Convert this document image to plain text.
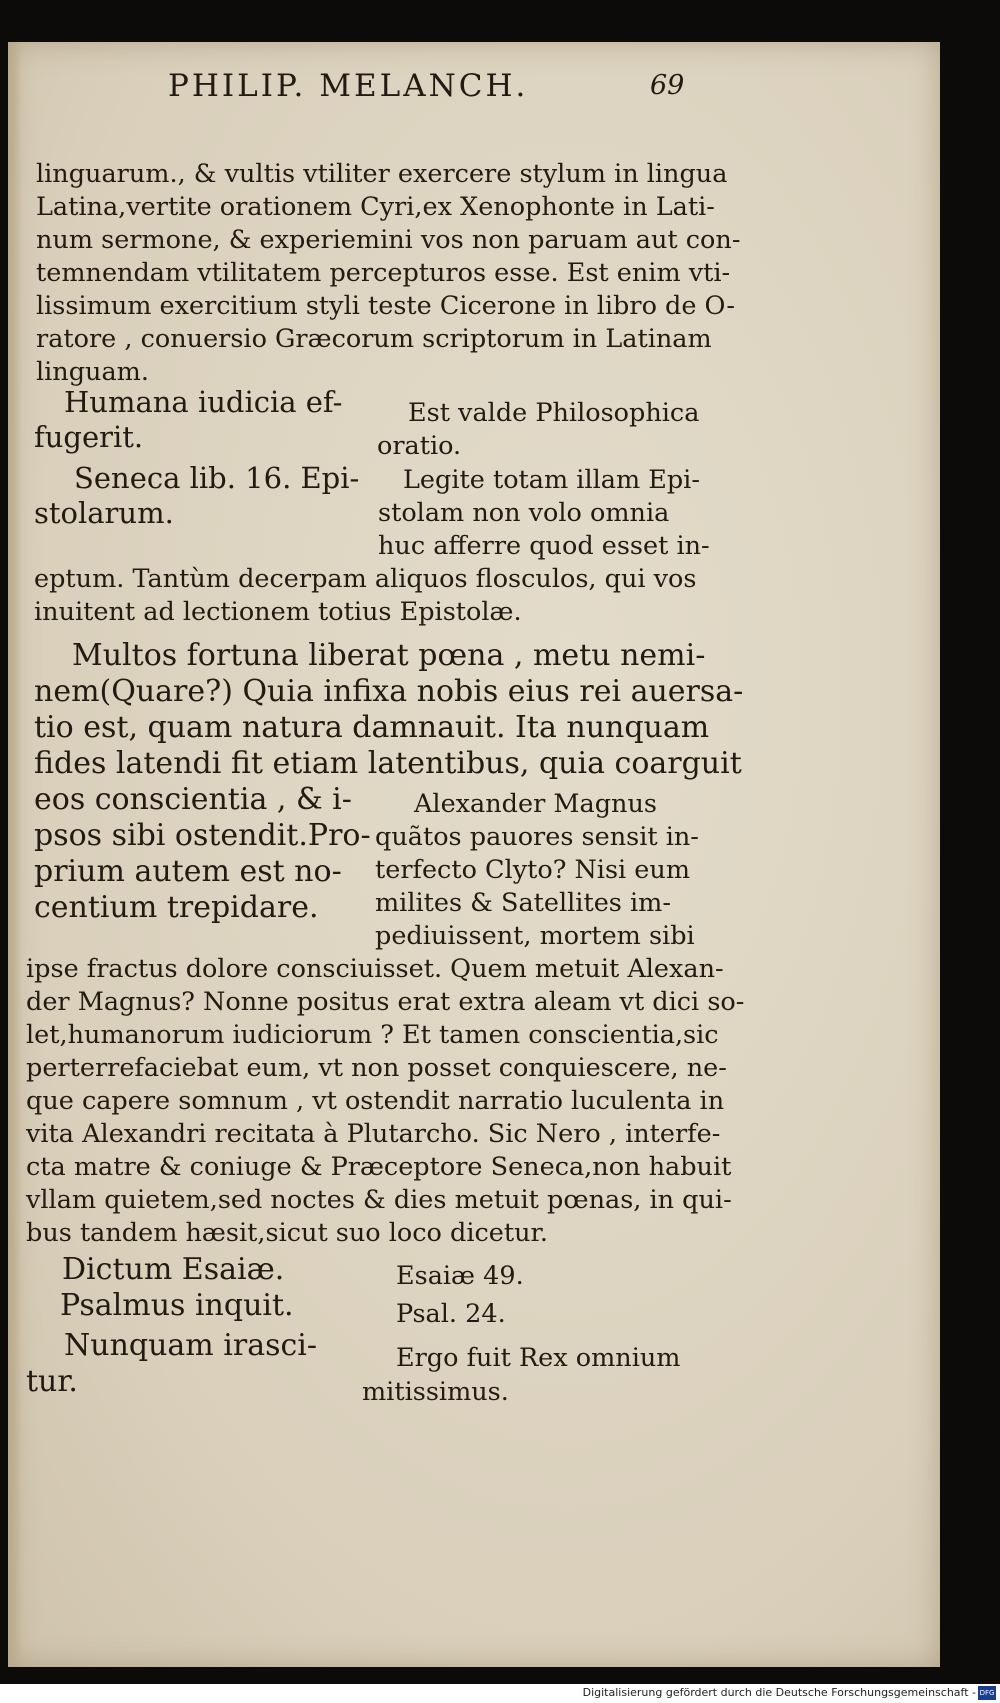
PHILIP. MELANCH.	69
linguarum., & vultis vtiliter exercere stylum in lingua
Latina,vertite orationem Cyri,ex Xenophonte in Lati-
num sermone, & experiemini vos non paruam aut con-
temnendam vtilitatem percepturos esse. Est enim vti-
lissimum exercitium styli teste Cicerone in libro de O-
ratore , conuersio Græcorum scriptorum in Latinam
linguam.
Humana iudicia ef-
fugerit.
Est valde Philosophica
oratio.
Seneca lib. 16. Epi-
stolarum.
Legite totam illam Epi-
stolam non volo omnia
huc afferre quod esset in-
eptum. Tantùm decerpam aliquos flosculos, qui vos
inuitent ad lectionem totius Epistolæ.
Multos fortuna liberat pœna , metu nemi-
nem(Quare?) Quia infixa nobis eius rei auersa-
tio est, quam natura damnauit. Ita nunquam
fides latendi fit etiam latentibus, quia coarguit
eos conscientia , & i-
psos sibi ostendit.Pro-
prium autem est no-
centium trepidare.
Alexander Magnus
quãtos pauores sensit in-
terfecto Clyto? Nisi eum
milites & Satellites im-
pediuissent, mortem sibi
ipse fractus dolore consciuisset. Quem metuit Alexan-
der Magnus? Nonne positus erat extra aleam vt dici so-
let,humanorum iudiciorum ? Et tamen conscientia,sic
perterrefaciebat eum, vt non posset conquiescere, ne-
que capere somnum , vt ostendit narratio luculenta in
vita Alexandri recitata à Plutarcho. Sic Nero , interfe-
cta matre & coniuge & Præceptore Seneca,non habuit
vllam quietem,sed noctes & dies metuit pœnas, in qui-
bus tandem hæsit,sicut suo loco dicetur.
Dictum Esaiæ.
Psalmus inquit.
Nunquam irasci-
tur.
Esaiæ 49.
Psal. 24.
Ergo fuit Rex omnium
mitissimus.
Digitalisierung gefördert durch die Deutsche Forschungsgemeinschaft - DFG
